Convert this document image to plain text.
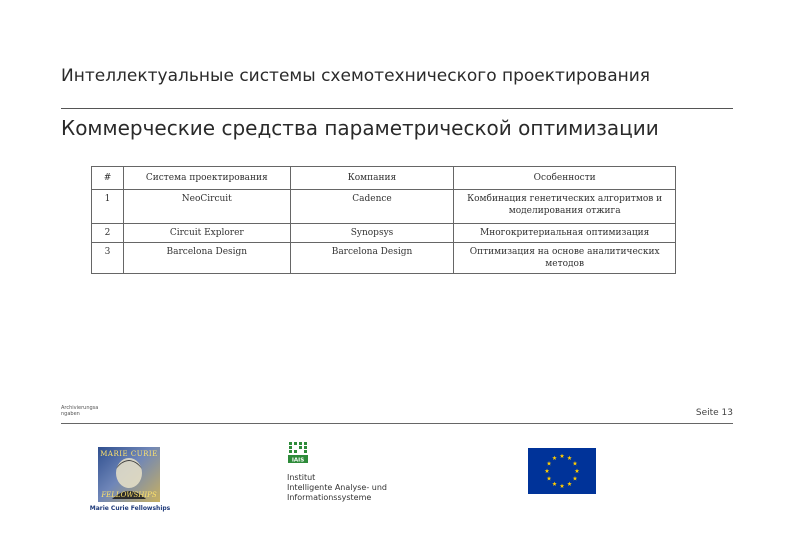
Интеллектуальные системы схемотехнического проектирования
Коммерческие средства параметрической оптимизации
#	Система проектирования	Компания	Особенности
1	NeoCircuit	Cadence	Комбинация генетических алгоритмов и моделирования отжига
2	Circuit Explorer	Synopsys	Многокритериальная оптимизация
3	Barcelona Design	Barcelona Design	Оптимизация на основе аналитических методов
Archivierungsangaben	Seite 13
MARIE CURIE
FELLOWSHIPS
Marie Curie Fellowships
IAIS
Institut
Intelligente Analyse- und
Informationssysteme
